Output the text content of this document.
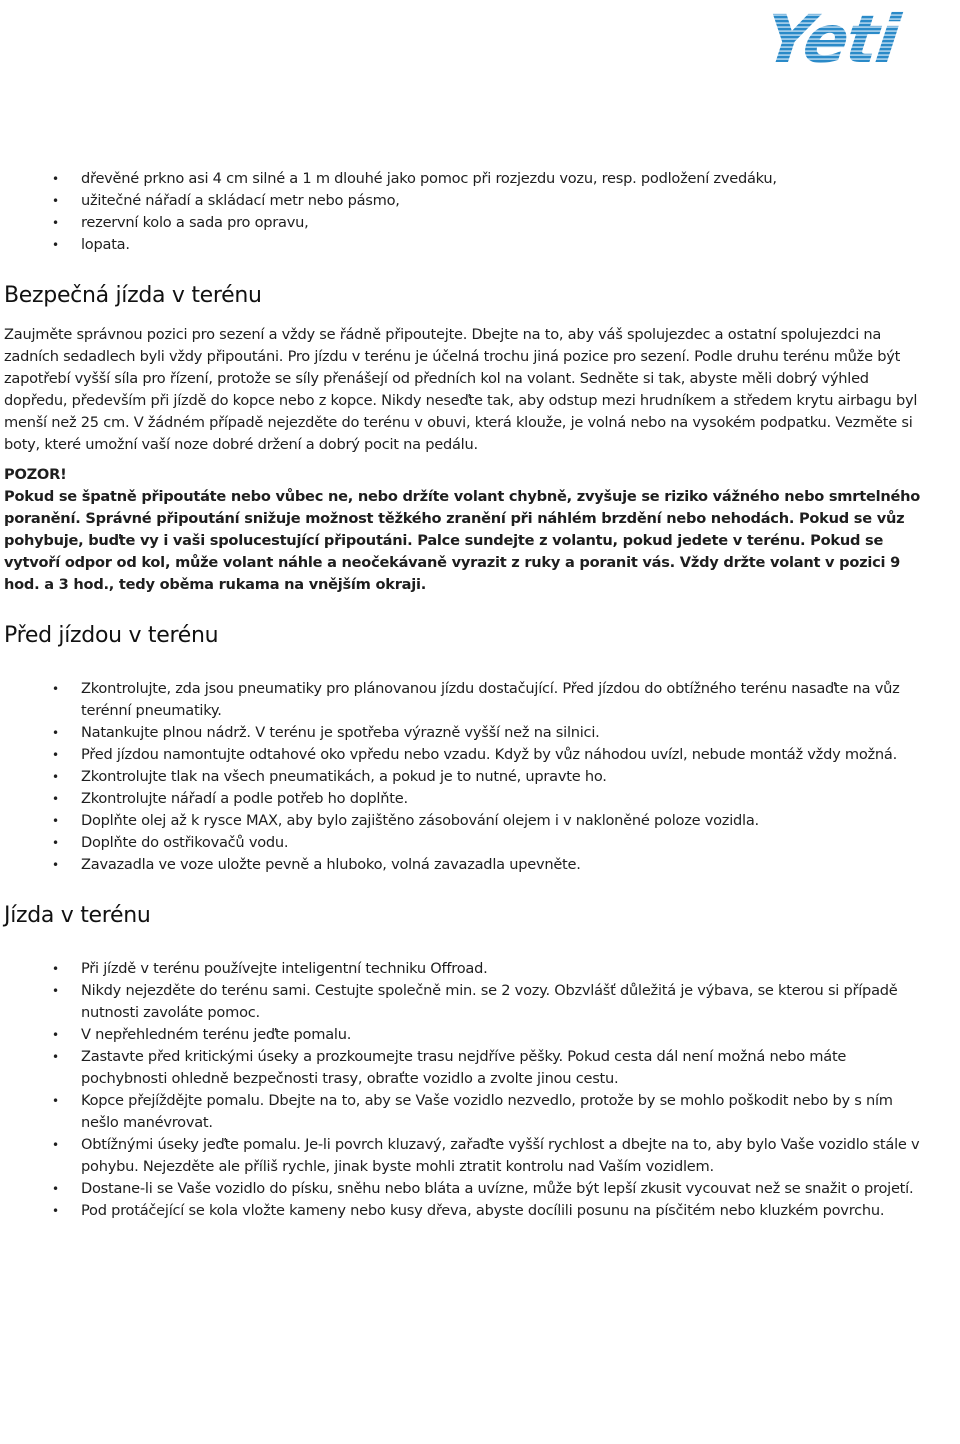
Yeti
• dřevěné prkno asi 4 cm silné a 1 m dlouhé jako pomoc při rozjezdu vozu, resp. podložení zvedáku,
• užitečné nářadí a skládací metr nebo pásmo,
• rezervní kolo a sada pro opravu,
• lopata.
Bezpečná jízda v terénu

Zaujměte správnou pozici pro sezení a vždy se řádně připoutejte. Dbejte na to, aby váš spolujezdec a ostatní spolujezdci na zadních sedadlech byli vždy připoutáni. Pro jízdu v terénu je účelná trochu jiná pozice pro sezení. Podle druhu terénu může být zapotřebí vyšší síla pro řízení, protože se síly přenášejí od předních kol na volant. Sedněte si tak, abyste měli dobrý výhled dopředu, především při jízdě do kopce nebo z kopce. Nikdy neseďte tak, aby odstup mezi hrudníkem a středem krytu airbagu byl menší než 25 cm. V žádném případě nejezděte do terénu v obuvi, která klouže, je volná nebo na vysokém podpatku. Vezměte si boty, které umožní vaší noze dobré držení a dobrý pocit na pedálu.

POZOR!

Pokud se špatně připoutáte nebo vůbec ne, nebo držíte volant chybně, zvyšuje se riziko vážného nebo smrtelného poranění. Správné připoutání snižuje možnost těžkého zranění při náhlém brzdění nebo nehodách. Pokud se vůz pohybuje, buďte vy i vaši spolucestující připoutáni. Palce sundejte z volantu, pokud jedete v terénu. Pokud se vytvoří odpor od kol, může volant náhle a neočekávaně vyrazit z ruky a poranit vás. Vždy držte volant v pozici 9 hod. a 3 hod., tedy oběma rukama na vnějším okraji.

Před jízdou v terénu
• Zkontrolujte, zda jsou pneumatiky pro plánovanou jízdu dostačující. Před jízdou do obtížného terénu nasaďte na vůz terénní pneumatiky.
• Natankujte plnou nádrž. V terénu je spotřeba výrazně vyšší než na silnici.
• Před jízdou namontujte odtahové oko vpředu nebo vzadu. Když by vůz náhodou uvízl, nebude montáž vždy možná.
• Zkontrolujte tlak na všech pneumatikách, a pokud je to nutné, upravte ho.
• Zkontrolujte nářadí a podle potřeb ho doplňte.
• Doplňte olej až k rysce MAX, aby bylo zajištěno zásobování olejem i v nakloněné poloze vozidla.
• Doplňte do ostřikovačů vodu.
• Zavazadla ve voze uložte pevně a hluboko, volná zavazadla upevněte.
Jízda v terénu
• Při jízdě v terénu používejte inteligentní techniku Offroad.
• Nikdy nejezděte do terénu sami. Cestujte společně min. se 2 vozy. Obzvlášť důležitá je výbava, se kterou si případě nutnosti zavoláte pomoc.
• V nepřehledném terénu jeďte pomalu.
• Zastavte před kritickými úseky a prozkoumejte trasu nejdříve pěšky. Pokud cesta dál není možná nebo máte pochybnosti ohledně bezpečnosti trasy, obraťte vozidlo a zvolte jinou cestu.
• Kopce přejíždějte pomalu. Dbejte na to, aby se Vaše vozidlo nezvedlo, protože by se mohlo poškodit nebo by s ním nešlo manévrovat.
• Obtížnými úseky jeďte pomalu. Je-li povrch kluzavý, zařaďte vyšší rychlost a dbejte na to, aby bylo Vaše vozidlo stále v pohybu. Nejezděte ale příliš rychle, jinak byste mohli ztratit kontrolu nad Vaším vozidlem.
• Dostane-li se Vaše vozidlo do písku, sněhu nebo bláta a uvízne, může být lepší zkusit vycouvat než se snažit o projetí.
• Pod protáčející se kola vložte kameny nebo kusy dřeva, abyste docílili posunu na písčitém nebo kluzkém povrchu.
